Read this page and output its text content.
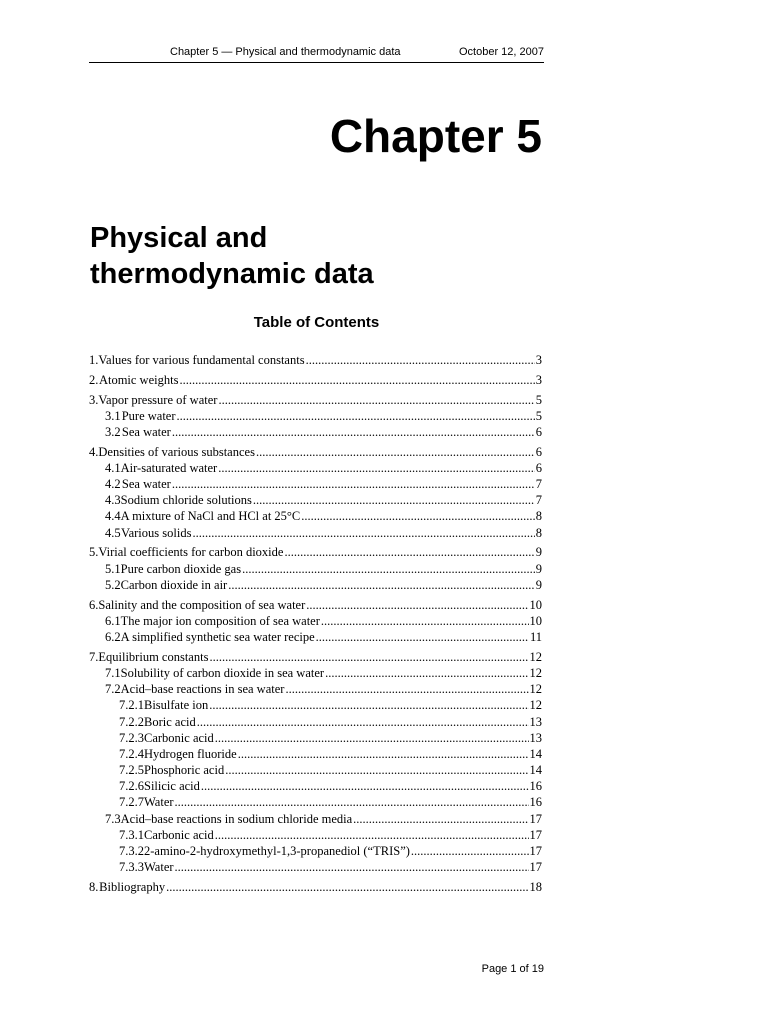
Chapter 5 — Physical and thermodynamic data	October 12, 2007
Chapter 5
Physical and
thermodynamic data
Table of Contents
1. Values for various fundamental constants .....	3
2. Atomic weights .....	3
3. Vapor pressure of water .....	5
3.1 Pure water .....	5
3.2 Sea water .....	6
4. Densities of various substances .....	6
4.1 Air-saturated water .....	6
4.2 Sea water .....	7
4.3 Sodium chloride solutions .....	7
4.4 A mixture of NaCl and HCl at 25°C .....	8
4.5 Various solids .....	8
5. Virial coefficients for carbon dioxide .....	9
5.1 Pure carbon dioxide gas .....	9
5.2 Carbon dioxide in air .....	9
6. Salinity and the composition of sea water .....	10
6.1 The major ion composition of sea water .....	10
6.2 A simplified synthetic sea water recipe .....	11
7. Equilibrium constants .....	12
7.1 Solubility of carbon dioxide in sea water .....	12
7.2 Acid–base reactions in sea water .....	12
7.2.1 Bisulfate ion .....	12
7.2.2 Boric acid .....	13
7.2.3 Carbonic acid .....	13
7.2.4 Hydrogen fluoride .....	14
7.2.5 Phosphoric acid .....	14
7.2.6 Silicic acid .....	16
7.2.7 Water .....	16
7.3 Acid–base reactions in sodium chloride media .....	17
7.3.1 Carbonic acid .....	17
7.3.2 2-amino-2-hydroxymethyl-1,3-propanediol (“TRIS”) .....	17
7.3.3 Water .....	17
8. Bibliography .....	18
Page 1 of 19
